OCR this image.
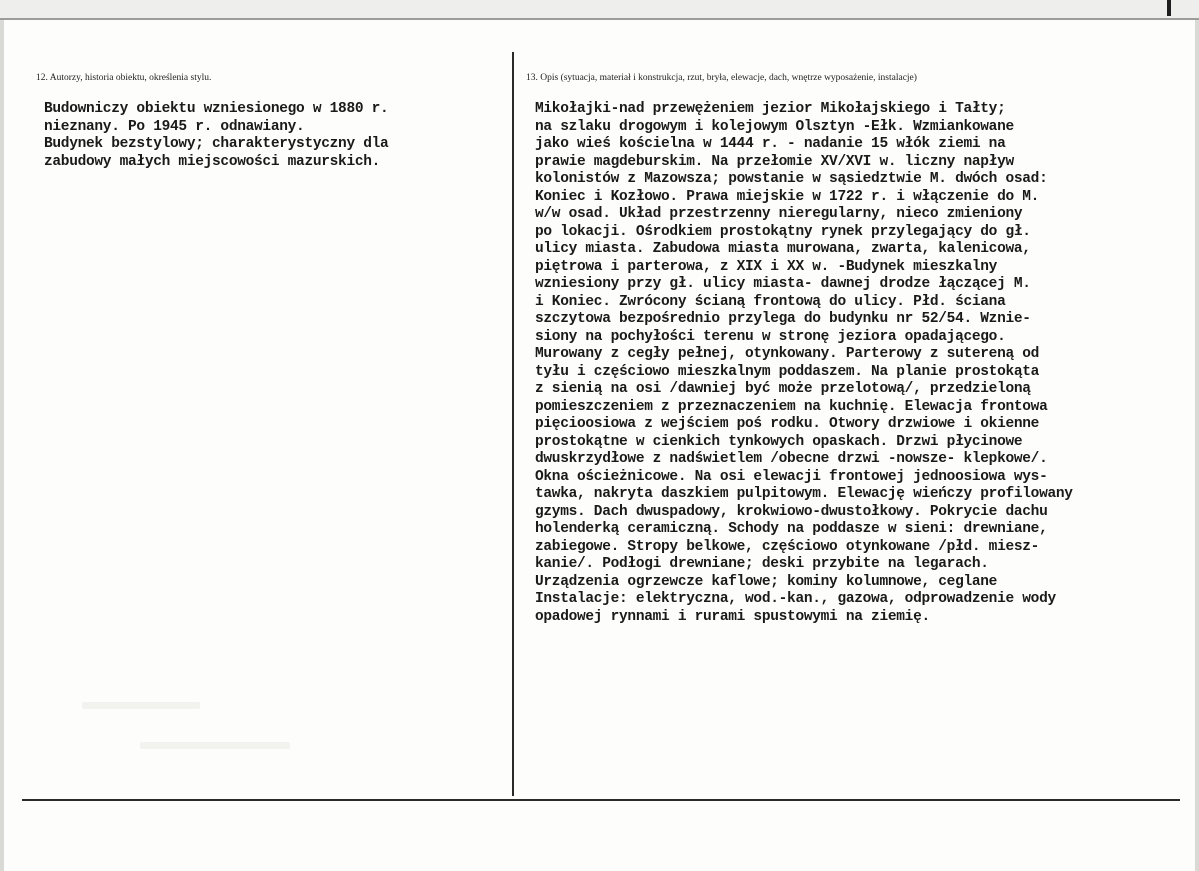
12. Autorzy, historia obiektu, określenia stylu.	13. Opis (sytuacja, materiał i konstrukcja, rzut, bryła, elewacje, dach, wnętrze wyposażenie, instalacje)
Budowniczy obiektu wzniesionego w 1880 r.
nieznany. Po 1945 r. odnawiany.
Budynek bezstylowy; charakterystyczny dla
zabudowy małych miejscowości mazurskich.
Mikołajki-nad przewężeniem jezior Mikołajskiego i Tałty;
na szlaku drogowym i kolejowym Olsztyn -Ełk. Wzmiankowane
jako wieś kościelna w 1444 r. - nadanie 15 włók ziemi na
prawie magdeburskim. Na przełomie XV/XVI w. liczny napływ
kolonistów z Mazowsza; powstanie w sąsiedztwie M. dwóch osad:
Koniec i Kozłowo. Prawa miejskie w 1722 r. i włączenie do M.
w/w osad. Układ przestrzenny nieregularny, nieco zmieniony
po lokacji. Ośrodkiem prostokątny rynek przylegający do gł.
ulicy miasta. Zabudowa miasta murowana, zwarta, kalenicowa,
piętrowa i parterowa, z XIX i XX w. -Budynek mieszkalny
wzniesiony przy gł. ulicy miasta- dawnej drodze łączącej M.
i Koniec. Zwrócony ścianą frontową do ulicy. Płd. ściana
szczytowa bezpośrednio przylega do budynku nr 52/54. Wznie-
siony na pochyłości terenu w stronę jeziora opadającego.
Murowany z cegły pełnej, otynkowany. Parterowy z sutereną od
tyłu i częściowo mieszkalnym poddaszem. Na planie prostokąta
z sienią na osi /dawniej być może przelotową/, przedzieloną
pomieszczeniem z przeznaczeniem na kuchnię. Elewacja frontowa
pięcioosiowa z wejściem poś rodku. Otwory drzwiowe i okienne
prostokątne w cienkich tynkowych opaskach. Drzwi płycinowe
dwuskrzydłowe z nadświetlem /obecne drzwi -nowsze- klepkowe/.
Okna ościeżnicowe. Na osi elewacji frontowej jednoosiowa wys-
tawka, nakryta daszkiem pulpitowym. Elewację wieńczy profilowany
gzyms. Dach dwuspadowy, krokwiowo-dwustołkowy. Pokrycie dachu
holenderką ceramiczną. Schody na poddasze w sieni: drewniane,
zabiegowe. Stropy belkowe, częściowo otynkowane /płd. miesz-
kanie/. Podłogi drewniane; deski przybite na legarach.
Urządzenia ogrzewcze kaflowe; kominy kolumnowe, ceglane
Instalacje: elektryczna, wod.-kan., gazowa, odprowadzenie wody
opadowej rynnami i rurami spustowymi na ziemię.
